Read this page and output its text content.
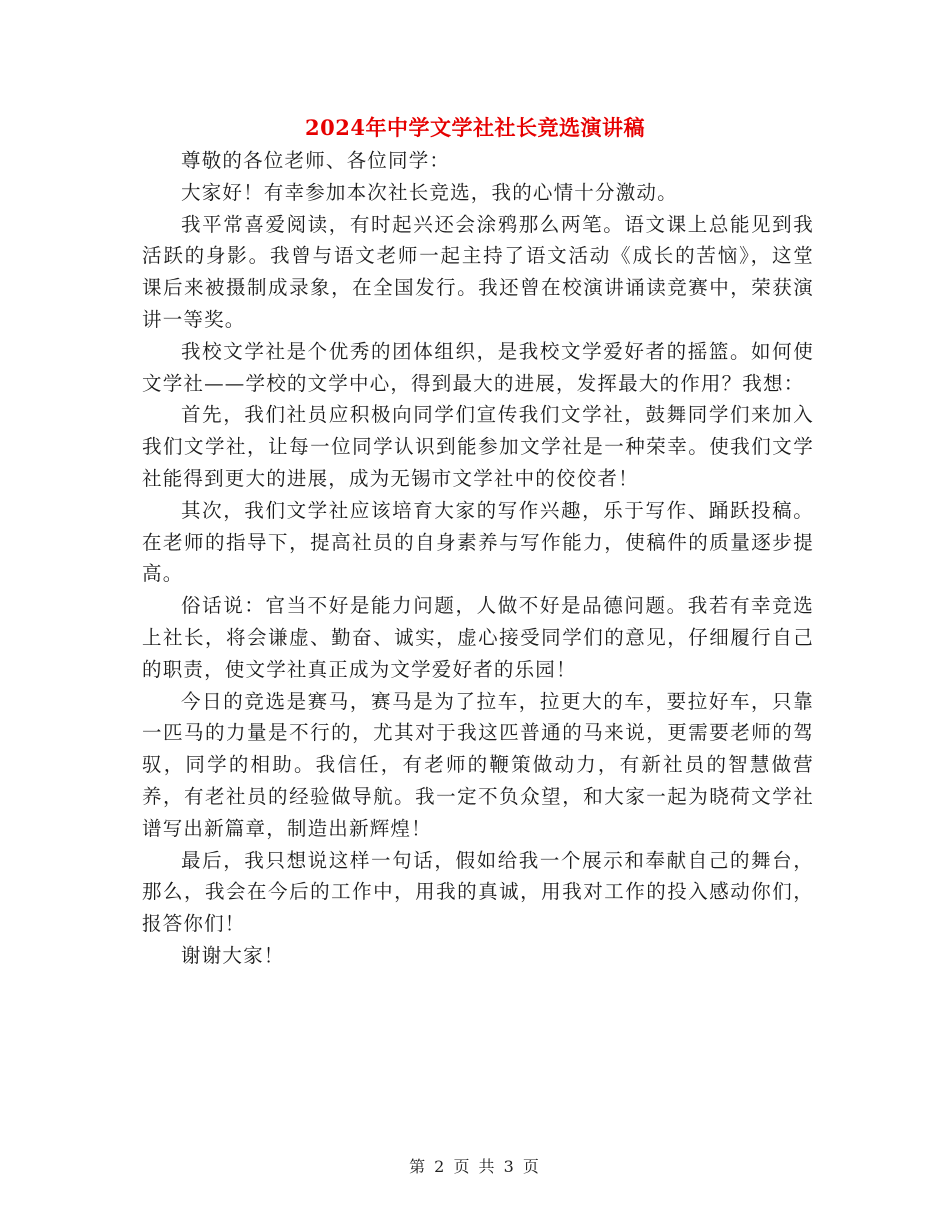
2024年中学文学社社长竞选演讲稿

尊敬的各位老师、各位同学：

大家好！有幸参加本次社长竞选，我的心情十分激动。

我平常喜爱阅读，有时起兴还会涂鸦那么两笔。语文课上总能见到我活跃的身影。我曾与语文老师一起主持了语文活动《成长的苦恼》，这堂课后来被摄制成录象，在全国发行。我还曾在校演讲诵读竞赛中，荣获演讲一等奖。

我校文学社是个优秀的团体组织，是我校文学爱好者的摇篮。如何使文学社——学校的文学中心，得到最大的进展，发挥最大的作用？我想：

首先，我们社员应积极向同学们宣传我们文学社，鼓舞同学们来加入我们文学社，让每一位同学认识到能参加文学社是一种荣幸。使我们文学社能得到更大的进展，成为无锡市文学社中的佼佼者！

其次，我们文学社应该培育大家的写作兴趣，乐于写作、踊跃投稿。在老师的指导下，提高社员的自身素养与写作能力，使稿件的质量逐步提高。

俗话说：官当不好是能力问题，人做不好是品德问题。我若有幸竞选上社长，将会谦虚、勤奋、诚实，虚心接受同学们的意见，仔细履行自己的职责，使文学社真正成为文学爱好者的乐园！

今日的竞选是赛马，赛马是为了拉车，拉更大的车，要拉好车，只靠一匹马的力量是不行的，尤其对于我这匹普通的马来说，更需要老师的驾驭，同学的相助。我信任，有老师的鞭策做动力，有新社员的智慧做营养，有老社员的经验做导航。我一定不负众望，和大家一起为晓荷文学社谱写出新篇章，制造出新辉煌！

最后，我只想说这样一句话，假如给我一个展示和奉献自己的舞台，那么，我会在今后的工作中，用我的真诚，用我对工作的投入感动你们，报答你们！

谢谢大家！

第 2 页 共 3 页
